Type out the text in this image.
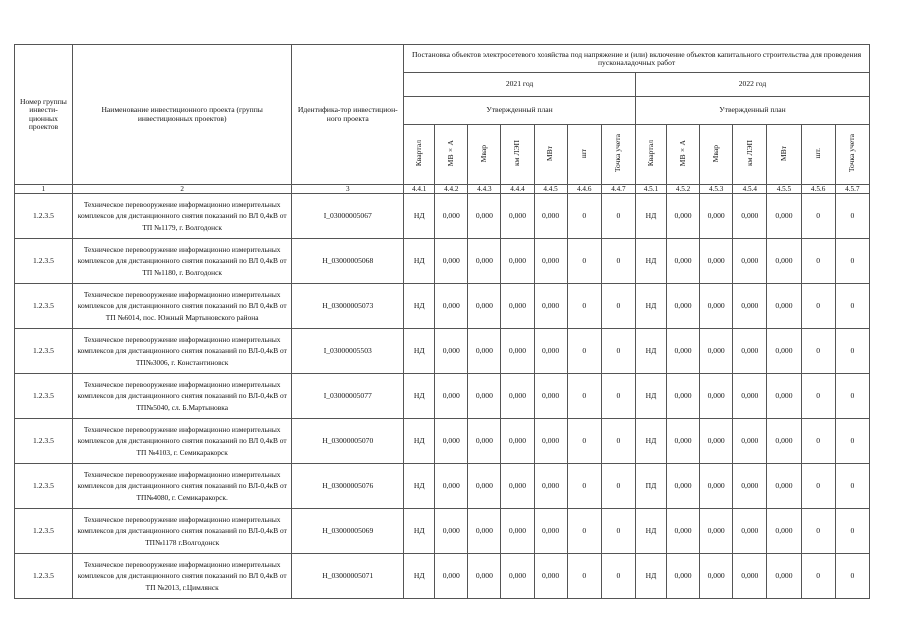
Номер группы инвести-ционных проектов	Наименование инвестиционного проекта (группы инвестиционных проектов)	Идентифика-тор инвестицион-ного проекта	Постановка объектов электросетевого хозяйства под напряжение и (или) включение объектов капитального строительства для проведения пусконаладочных работ													
			2021 год							2022 год						
			Утвержденный план							Утвержденный план						
			Квартал	МВ×А	Мвар	км ЛЭП	МВт	шт	Точка учета	Квартал	МВ×А	Мвар	км ЛЭП	МВт	шт.	Точка учета
1	2	3	4.4.1	4.4.2	4.4.3	4.4.4	4.4.5	4.4.6	4.4.7	4.5.1	4.5.2	4.5.3	4.5.4	4.5.5	4.5.6	4.5.7
1.2.3.5	Техническое перевооружение информационно измерительных комплексов для дистанционного снятия показаний по ВЛ 0,4кВ от ТП №1179, г. Волгодонск	I_03000005067	НД	0,000	0,000	0,000	0,000	0	0	НД	0,000	0,000	0,000	0,000	0	0
1.2.3.5	Техническое перевооружение информационно измерительных комплексов для дистанционного снятия показаний по ВЛ 0,4кВ от ТП №1180, г. Волгодонск	H_03000005068	НД	0,000	0,000	0,000	0,000	0	0	НД	0,000	0,000	0,000	0,000	0	0
1.2.3.5	Техническое перевооружение информационно измерительных комплексов для дистанционного снятия показаний по ВЛ 0,4кВ от ТП №6014, пос. Южный Мартыновского района	H_03000005073	НД	0,000	0,000	0,000	0,000	0	0	НД	0,000	0,000	0,000	0,000	0	0
1.2.3.5	Техническое перевооружение информационно измерительных комплексов для дистанционного снятия показаний по ВЛ-0,4кВ от ТП№3006, г. Константиновск	I_03000005503	НД	0,000	0,000	0,000	0,000	0	0	НД	0,000	0,000	0,000	0,000	0	0
1.2.3.5	Техническое перевооружение информационно измерительных комплексов для дистанционного снятия показаний по ВЛ-0,4кВ от ТП№5040, сл. Б.Мартыновка	I_03000005077	НД	0,000	0,000	0,000	0,000	0	0	НД	0,000	0,000	0,000	0,000	0	0
1.2.3.5	Техническое перевооружение информационно измерительных комплексов для дистанционного снятия показаний по ВЛ 0,4кВ от ТП №4103, г. Семикаракорск	H_03000005070	НД	0,000	0,000	0,000	0,000	0	0	НД	0,000	0,000	0,000	0,000	0	0
1.2.3.5	Техническое перевооружение информационно измерительных комплексов для дистанционного снятия показаний по ВЛ-0,4кВ от ТП№4080, г. Семикаракорск.	H_03000005076	НД	0,000	0,000	0,000	0,000	0	0	ПД	0,000	0,000	0,000	0,000	0	0
1.2.3.5	Техническое перевооружение информационно измерительных комплексов для дистанционного снятия показаний по ВЛ-0,4кВ от ТП№1178 г.Волгодонск	H_03000005069	НД	0,000	0,000	0,000	0,000	0	0	НД	0,000	0,000	0,000	0,000	0	0
1.2.3.5	Техническое перевооружение информационно измерительных комплексов для дистанционного снятия показаний по ВЛ 0,4кВ от ТП №2013, г.Цимлянск	H_03000005071	НД	0,000	0,000	0,000	0,000	0	0	НД	0,000	0,000	0,000	0,000	0	0
